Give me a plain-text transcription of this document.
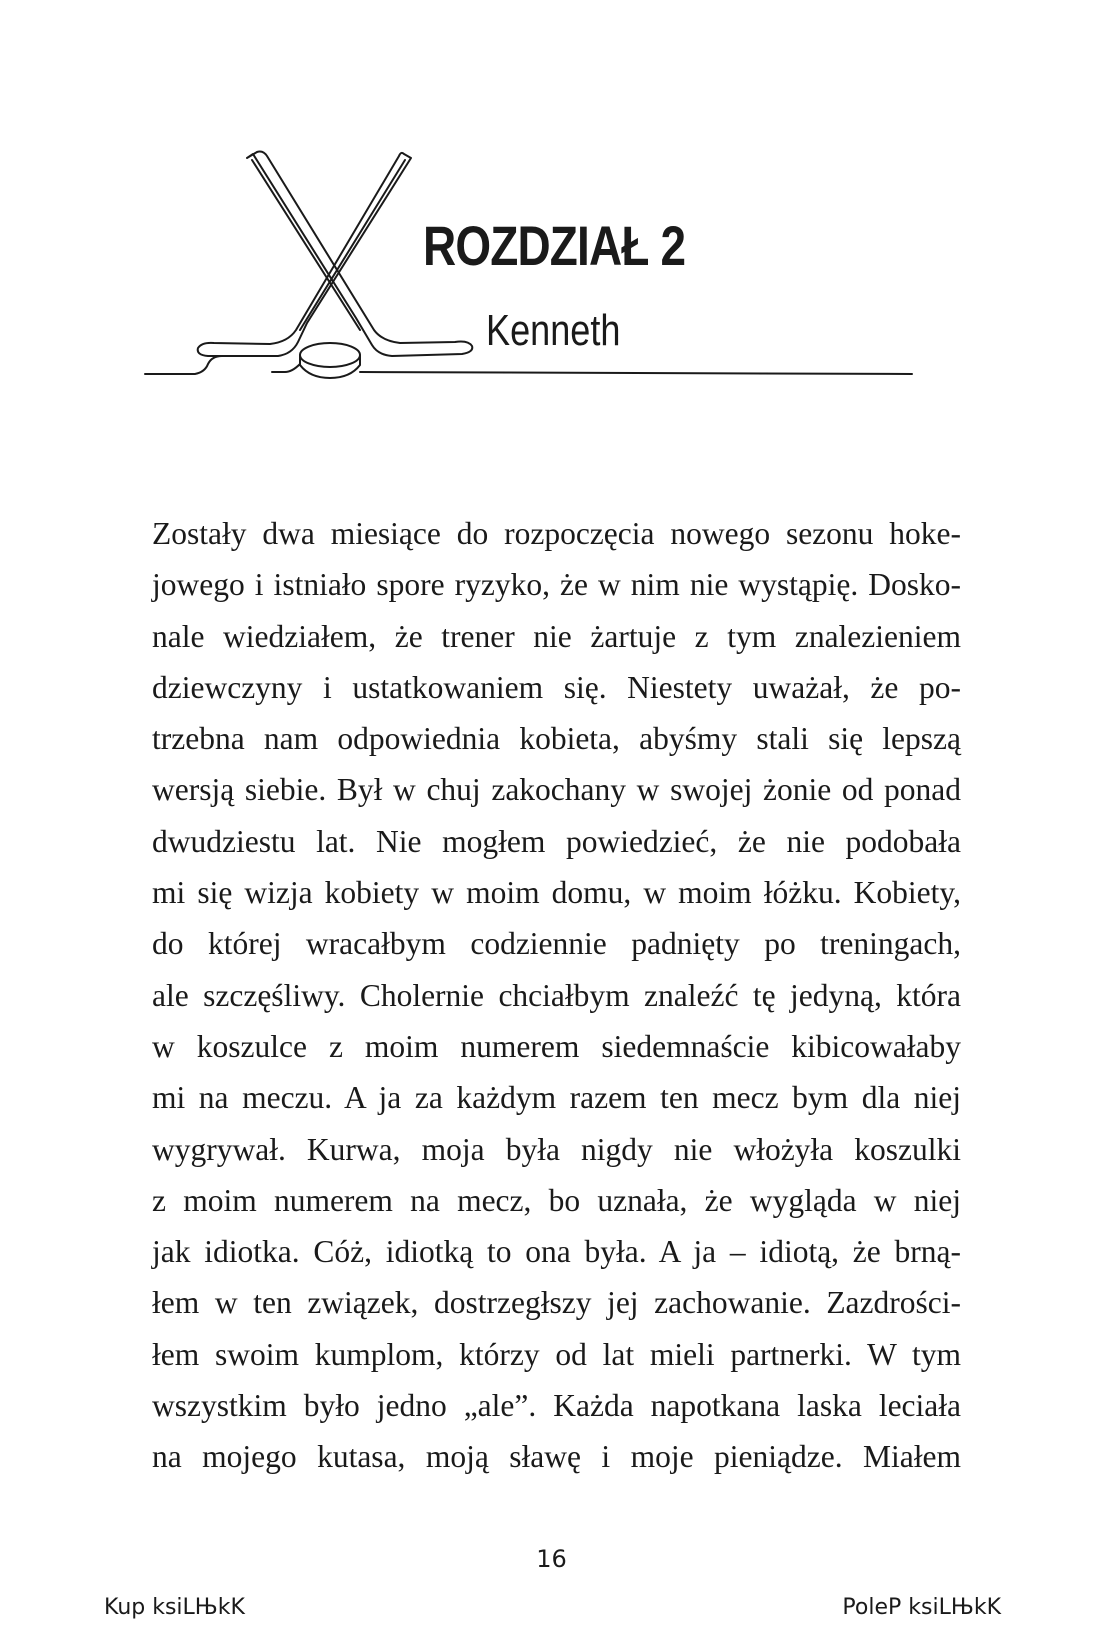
ROZDZIAŁ 2
Kenneth
Zostały dwa miesiące do rozpoczęcia nowego sezonu hoke-
jowego i istniało spore ryzyko, że w nim nie wystąpię. Dosko-
nale wiedziałem, że trener nie żartuje z tym znalezieniem
dziewczyny i ustatkowaniem się. Niestety uważał, że po-
trzebna nam odpowiednia kobieta, abyśmy stali się lepszą
wersją siebie. Był w chuj zakochany w swojej żonie od ponad
dwudziestu lat. Nie mogłem powiedzieć, że nie podobała
mi się wizja kobiety w moim domu, w moim łóżku. Kobiety,
do której wracałbym codziennie padnięty po treningach,
ale szczęśliwy. Cholernie chciałbym znaleźć tę jedyną, która
w koszulce z moim numerem siedemnaście kibicowałaby
mi na meczu. A ja za każdym razem ten mecz bym dla niej
wygrywał. Kurwa, moja była nigdy nie włożyła koszulki
z moim numerem na mecz, bo uznała, że wygląda w niej
jak idiotka. Cóż, idiotką to ona była. A ja – idiotą, że brną-
łem w ten związek, dostrzegłszy jej zachowanie. Zazdrości-
łem swoim kumplom, którzy od lat mieli partnerki. W tym
wszystkim było jedno „ale”. Każda napotkana laska leciała
na mojego kutasa, moją sławę i moje pieniądze. Miałem
16
Kup ksiLЊkK	PoleP ksiLЊkK
